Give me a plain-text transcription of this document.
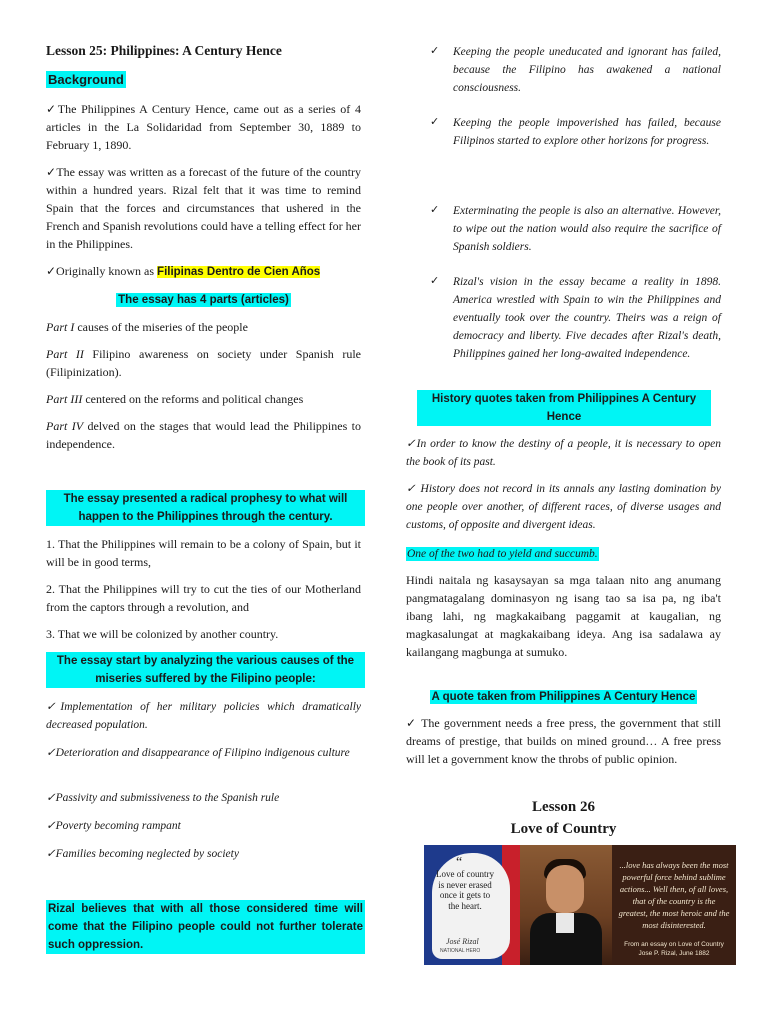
Lesson 25: Philippines: A Century Hence
Background
✓The Philippines A Century Hence, came out as a series of 4 articles in the La Solidaridad from September 30, 1889 to February 1, 1890.
✓The essay was written as a forecast of the future of the country within a hundred years. Rizal felt that it was time to remind Spain that the forces and circumstances that ushered in the French and Spanish revolutions could have a telling effect for her in the Philippines.
✓Originally known as Filipinas Dentro de Cien Años
The essay has 4 parts (articles)
Part I causes of the miseries of the people
Part II Filipino awareness on society under Spanish rule (Filipinization).
Part III centered on the reforms and political changes
Part IV delved on the stages that would lead the Philippines to independence.
The essay presented a radical prophesy to what will happen to the Philippines through the century.
1. That the Philippines will remain to be a colony of Spain, but it will be in good terms,
2. That the Philippines will try to cut the ties of our Motherland from the captors through a revolution, and
3. That we will be colonized by another country.
The essay start by analyzing the various causes of the miseries suffered by the Filipino people:
✓Implementation of her military policies which dramatically decreased population.
✓Deterioration and disappearance of Filipino indigenous culture
✓Passivity and submissiveness to the Spanish rule
✓Poverty becoming rampant
✓Families becoming neglected by society
Rizal believes that with all those considered time will come that the Filipino people could not further tolerate such oppression.
✓ Keeping the people uneducated and ignorant has failed, because the Filipino has awakened a national consciousness.
✓ Keeping the people impoverished has failed, because Filipinos started to explore other horizons for progress.
✓ Exterminating the people is also an alternative. However, to wipe out the nation would also require the sacrifice of Spanish soldiers.
✓ Rizal's vision in the essay became a reality in 1898. America wrestled with Spain to win the Philippines and eventually took over the country. Theirs was a reign of democracy and liberty. Five decades after Rizal's death, Philippines gained her long-awaited independence.
History quotes taken from Philippines A Century Hence
✓In order to know the destiny of a people, it is necessary to open the book of its past.
✓ History does not record in its annals any lasting domination by one people over another, of different races, of diverse usages and customs, of opposite and divergent ideas.
One of the two had to yield and succumb.
Hindi naitala ng kasaysayan sa mga talaan nito ang anumang pangmatagalang dominasyon ng isang tao sa isa pa, ng iba't ibang lahi, ng magkakaibang paggamit at kaugalian, ng magkasalungat at magkakaibang ideya. Ang isa sadalawa ay kailangang magbunga at sumuko.
A quote taken from Philippines A Century Hence
✓ The government needs a free press, the government that still dreams of prestige, that builds on mined ground… A free press will let a government know the throbs of public opinion.
Lesson 26
Love of Country
“
Love of country is never erased once it gets to the heart.
José Rizal
NATIONAL HERO
...love has always been the most powerful force behind sublime actions... Well then, of all loves, that of the country is the greatest, the most heroic and the most disinterested.
From an essay on Love of Country Jose P. Rizal, June 1882
